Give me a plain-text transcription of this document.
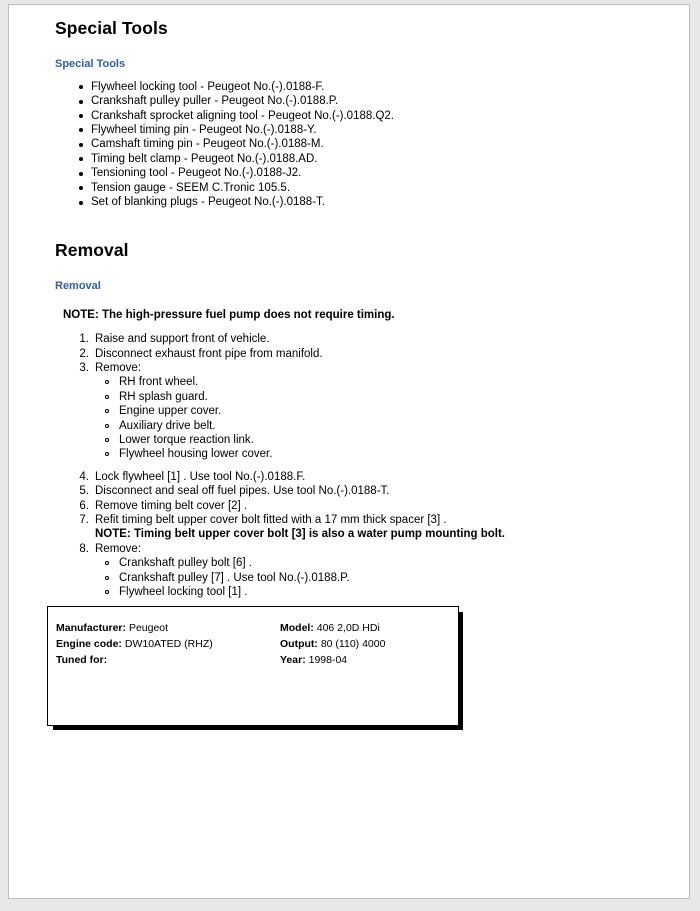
Special Tools
Special Tools
Flywheel locking tool - Peugeot No.(-).0188-F.
Crankshaft pulley puller - Peugeot No.(-).0188.P.
Crankshaft sprocket aligning tool - Peugeot No.(-).0188.Q2.
Flywheel timing pin - Peugeot No.(-).0188-Y.
Camshaft timing pin - Peugeot No.(-).0188-M.
Timing belt clamp - Peugeot No.(-).0188.AD.
Tensioning tool - Peugeot No.(-).0188-J2.
Tension gauge - SEEM C.Tronic 105.5.
Set of blanking plugs - Peugeot No.(-).0188-T.
Removal
Removal
NOTE: The high-pressure fuel pump does not require timing.
Raise and support front of vehicle.
Disconnect exhaust front pipe from manifold.
Remove:
RH front wheel.
RH splash guard.
Engine upper cover.
Auxiliary drive belt.
Lower torque reaction link.
Flywheel housing lower cover.
Lock flywheel [1] . Use tool No.(-).0188.F.
Disconnect and seal off fuel pipes. Use tool No.(-).0188-T.
Remove timing belt cover [2] .
Refit timing belt upper cover bolt fitted with a 17 mm thick spacer [3] .
NOTE: Timing belt upper cover bolt [3] is also a water pump mounting bolt.
Remove:
Crankshaft pulley bolt [6] .
Crankshaft pulley [7] . Use tool No.(-).0188.P.
Flywheel locking tool [1] .
Manufacturer: Peugeot
Engine code: DW10ATED (RHZ)
Tuned for:
Model: 406 2,0D HDi
Output: 80 (110) 4000
Year: 1998-04
